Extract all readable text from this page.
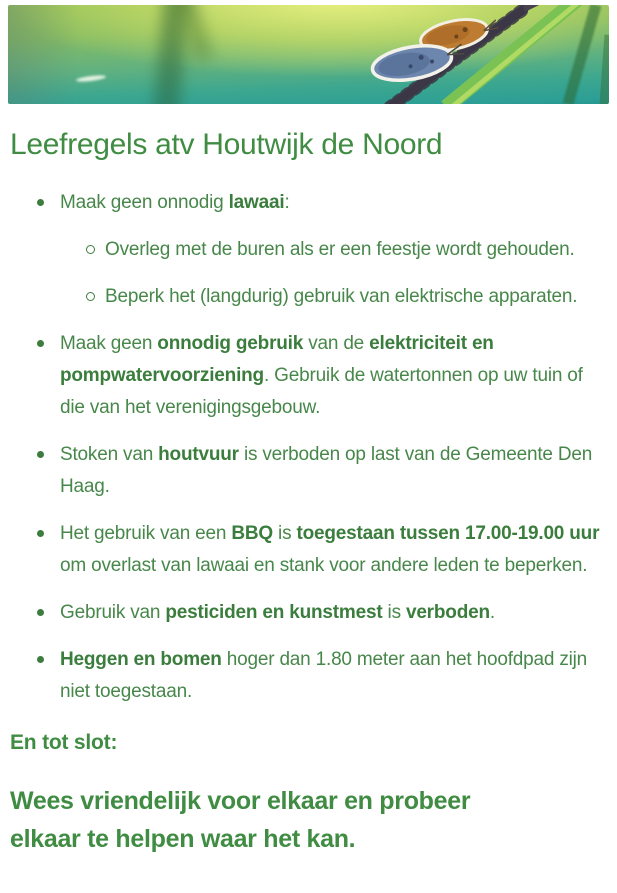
Leefregels atv Houtwijk de Noord
Maak geen onnodig lawaai:
Overleg met de buren als er een feestje wordt gehouden.
Beperk het (langdurig) gebruik van elektrische apparaten.
Maak geen onnodig gebruik van de elektriciteit en pompwatervoorziening. Gebruik de watertonnen op uw tuin of die van het verenigingsgebouw.
Stoken van houtvuur is verboden op last van de Gemeente Den Haag.
Het gebruik van een BBQ is toegestaan tussen 17.00-19.00 uur om overlast van lawaai en stank voor andere leden te beperken.
Gebruik van pesticiden en kunstmest is verboden.
Heggen en bomen hoger dan 1.80 meter aan het hoofdpad zijn niet toegestaan.
En tot slot:
Wees vriendelijk voor elkaar en probeer elkaar te helpen waar het kan.
